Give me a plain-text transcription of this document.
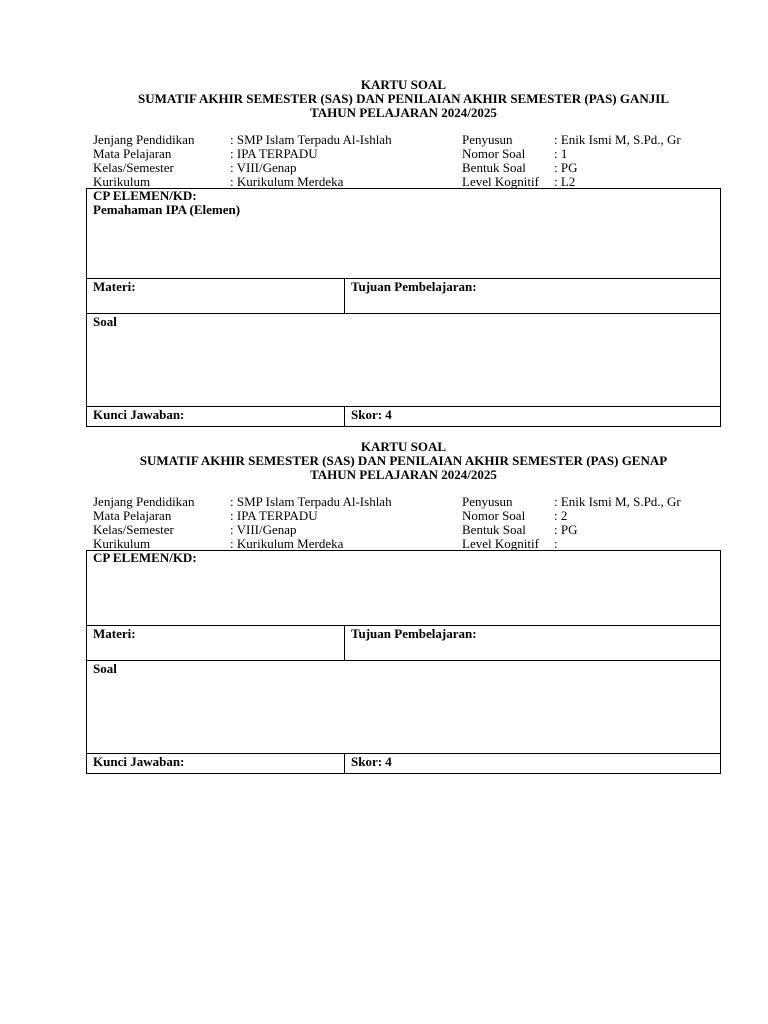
KARTU SOAL
SUMATIF AKHIR SEMESTER (SAS) DAN PENILAIAN AKHIR SEMESTER (PAS) GANJIL
TAHUN PELAJARAN 2024/2025
Jenjang Pendidikan	: SMP Islam Terpadu Al-Ishlah	Penyusun	: Enik Ismi M, S.Pd., Gr
Mata Pelajaran	: IPA TERPADU	Nomor Soal : 1
Kelas/Semester	: VIII/Genap	Bentuk Soal : PG
Kurikulum	: Kurikulum Merdeka	Level Kognitif : L2
CP ELEMEN/KD:
Pemahaman IPA (Elemen)
Materi:	Tujuan Pembelajaran:
Soal
Kunci Jawaban:	Skor: 4
KARTU SOAL
SUMATIF AKHIR SEMESTER (SAS) DAN PENILAIAN AKHIR SEMESTER (PAS) GENAP
TAHUN PELAJARAN 2024/2025
Jenjang Pendidikan	: SMP Islam Terpadu Al-Ishlah	Penyusun	: Enik Ismi M, S.Pd., Gr
Mata Pelajaran	: IPA TERPADU	Nomor Soal : 2
Kelas/Semester	: VIII/Genap	Bentuk Soal : PG
Kurikulum	: Kurikulum Merdeka	Level Kognitif :
CP ELEMEN/KD:
Materi:	Tujuan Pembelajaran:
Soal
Kunci Jawaban:	Skor: 4
